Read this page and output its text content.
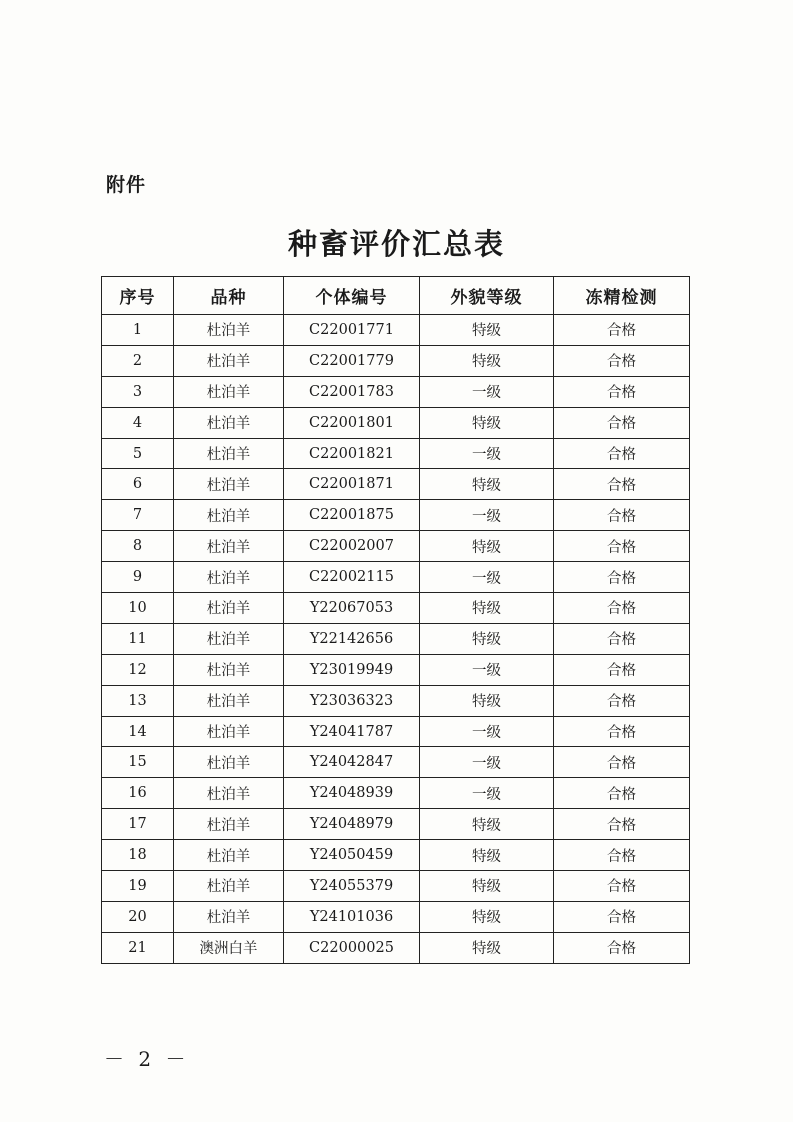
附件
种畜评价汇总表
序号	品种	个体编号	外貌等级	冻精检测
1	杜泊羊	C22001771	特级	合格
2	杜泊羊	C22001779	特级	合格
3	杜泊羊	C22001783	一级	合格
4	杜泊羊	C22001801	特级	合格
5	杜泊羊	C22001821	一级	合格
6	杜泊羊	C22001871	特级	合格
7	杜泊羊	C22001875	一级	合格
8	杜泊羊	C22002007	特级	合格
9	杜泊羊	C22002115	一级	合格
10	杜泊羊	Y22067053	特级	合格
11	杜泊羊	Y22142656	特级	合格
12	杜泊羊	Y23019949	一级	合格
13	杜泊羊	Y23036323	特级	合格
14	杜泊羊	Y24041787	一级	合格
15	杜泊羊	Y24042847	一级	合格
16	杜泊羊	Y24048939	一级	合格
17	杜泊羊	Y24048979	特级	合格
18	杜泊羊	Y24050459	特级	合格
19	杜泊羊	Y24055379	特级	合格
20	杜泊羊	Y24101036	特级	合格
21	澳洲白羊	C22000025	特级	合格
－ 2 －
